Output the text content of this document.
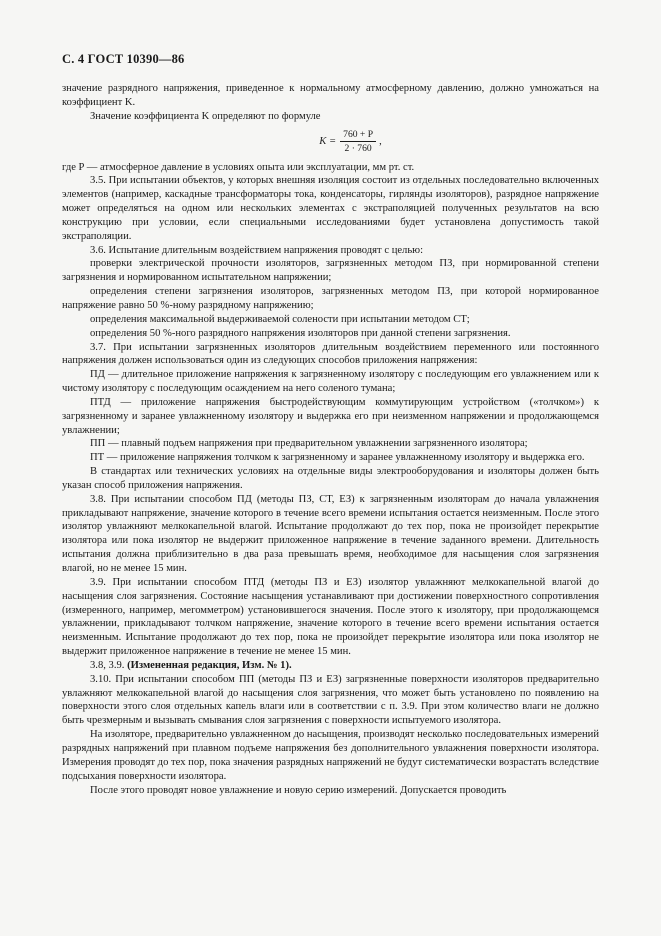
С. 4 ГОСТ 10390—86

значение разрядного напряжения, приведенное к нормальному атмосферному давлению, должно умножаться на коэффициент K.

Значение коэффициента K определяют по формуле

$K = \frac{760 + P}{2 \cdot 760}$ ,

где P — атмосферное давление в условиях опыта или эксплуатации, мм рт. ст.

3.5. При испытании объектов, у которых внешняя изоляция состоит из отдельных последовательно включенных элементов (например, каскадные трансформаторы тока, конденсаторы, гирлянды изоляторов), разрядное напряжение может определяться на одном или нескольких элементах с экстраполяцией полученных результатов на всю конструкцию при условии, если специальными исследованиями будет установлена допустимость такой экстраполяции.

3.6. Испытание длительным воздействием напряжения проводят с целью:

проверки электрической прочности изоляторов, загрязненных методом ПЗ, при нормированной степени загрязнения и нормированном испытательном напряжении;

определения степени загрязнения изоляторов, загрязненных методом ПЗ, при которой нормированное напряжение равно 50 %-ному разрядному напряжению;

определения максимальной выдерживаемой солености при испытании методом СТ;

определения 50 %-ного разрядного напряжения изоляторов при данной степени загрязнения.

3.7. При испытании загрязненных изоляторов длительным воздействием переменного или постоянного напряжения должен использоваться один из следующих способов приложения напряжения:

ПД — длительное приложение напряжения к загрязненному изолятору с последующим его увлажнением или к чистому изолятору с последующим осаждением на него соленого тумана;

ПТД — приложение напряжения быстродействующим коммутирующим устройством («толчком») к загрязненному и заранее увлажненному изолятору и выдержка его при неизменном напряжении и продолжающемся увлажнении;

ПП — плавный подъем напряжения при предварительном увлажнении загрязненного изолятора;

ПТ — приложение напряжения толчком к загрязненному и заранее увлажненному изолятору и выдержка его.

В стандартах или технических условиях на отдельные виды электрооборудования и изоляторы должен быть указан способ приложения напряжения.

3.8. При испытании способом ПД (методы ПЗ, СТ, ЕЗ) к загрязненным изоляторам до начала увлажнения прикладывают напряжение, значение которого в течение всего времени испытания остается неизменным. После этого изолятор увлажняют мелкокапельной влагой. Испытание продолжают до тех пор, пока не произойдет перекрытие изолятора или пока изолятор не выдержит приложенное напряжение в течение заданного времени. Длительность испытания должна приблизительно в два раза превышать время, необходимое для насыщения слоя загрязнения влагой, но не менее 15 мин.

3.9. При испытании способом ПТД (методы ПЗ и ЕЗ) изолятор увлажняют мелкокапельной влагой до насыщения слоя загрязнения. Состояние насыщения устанавливают при достижении поверхностного сопротивления (измеренного, например, мегомметром) установившегося значения. После этого к изолятору, при продолжающемся увлажнении, прикладывают толчком напряжение, значение которого в течение всего времени испытания остается неизменным. Испытание продолжают до тех пор, пока не произойдет перекрытие изолятора или пока изолятор не выдержит приложенное напряжение в течение не менее 15 мин.

3.8, 3.9. (Измененная редакция, Изм. № 1).

3.10. При испытании способом ПП (методы ПЗ и ЕЗ) загрязненные поверхности изоляторов предварительно увлажняют мелкокапельной влагой до насыщения слоя загрязнения, что может быть установлено по появлению на поверхности этого слоя отдельных капель влаги или в соответствии с п. 3.9. При этом количество влаги не должно быть чрезмерным и вызывать смывания слоя загрязнения с поверхности испытуемого изолятора.

На изоляторе, предварительно увлажненном до насыщения, производят несколько последовательных измерений разрядных напряжений при плавном подъеме напряжения без дополнительного увлажнения поверхности изолятора. Измерения проводят до тех пор, пока значения разрядных напряжений не будут систематически возрастать вследствие подсыхания поверхности изолятора.

После этого проводят новое увлажнение и новую серию измерений. Допускается проводить
